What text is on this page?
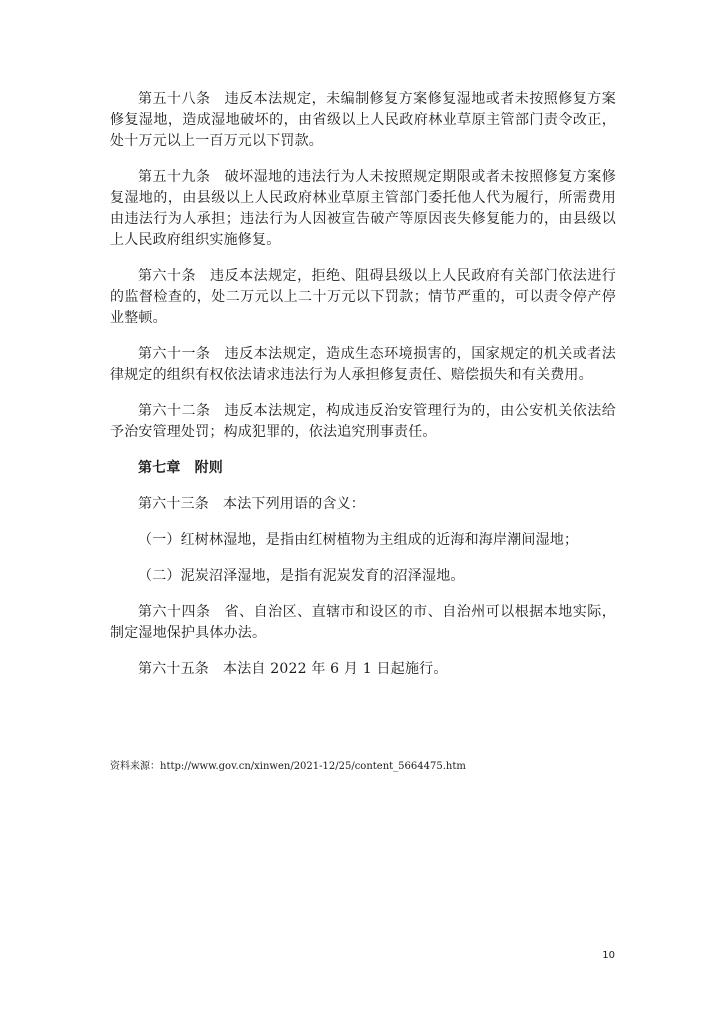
第五十八条 违反本法规定，未编制修复方案修复湿地或者未按照修复方案修复湿地，造成湿地破坏的，由省级以上人民政府林业草原主管部门责令改正，处十万元以上一百万元以下罚款。

第五十九条 破坏湿地的违法行为人未按照规定期限或者未按照修复方案修复湿地的，由县级以上人民政府林业草原主管部门委托他人代为履行，所需费用由违法行为人承担；违法行为人因被宣告破产等原因丧失修复能力的，由县级以上人民政府组织实施修复。

第六十条 违反本法规定，拒绝、阻碍县级以上人民政府有关部门依法进行的监督检查的，处二万元以上二十万元以下罚款；情节严重的，可以责令停产停业整顿。

第六十一条 违反本法规定，造成生态环境损害的，国家规定的机关或者法律规定的组织有权依法请求违法行为人承担修复责任、赔偿损失和有关费用。

第六十二条 违反本法规定，构成违反治安管理行为的，由公安机关依法给予治安管理处罚；构成犯罪的，依法追究刑事责任。

第七章 附则

第六十三条 本法下列用语的含义：

（一）红树林湿地，是指由红树植物为主组成的近海和海岸潮间湿地；

（二）泥炭沼泽湿地，是指有泥炭发育的沼泽湿地。

第六十四条 省、自治区、直辖市和设区的市、自治州可以根据本地实际，制定湿地保护具体办法。

第六十五条 本法自 2022 年 6 月 1 日起施行。

资料来源：http://www.gov.cn/xinwen/2021-12/25/content_5664475.htm
10
